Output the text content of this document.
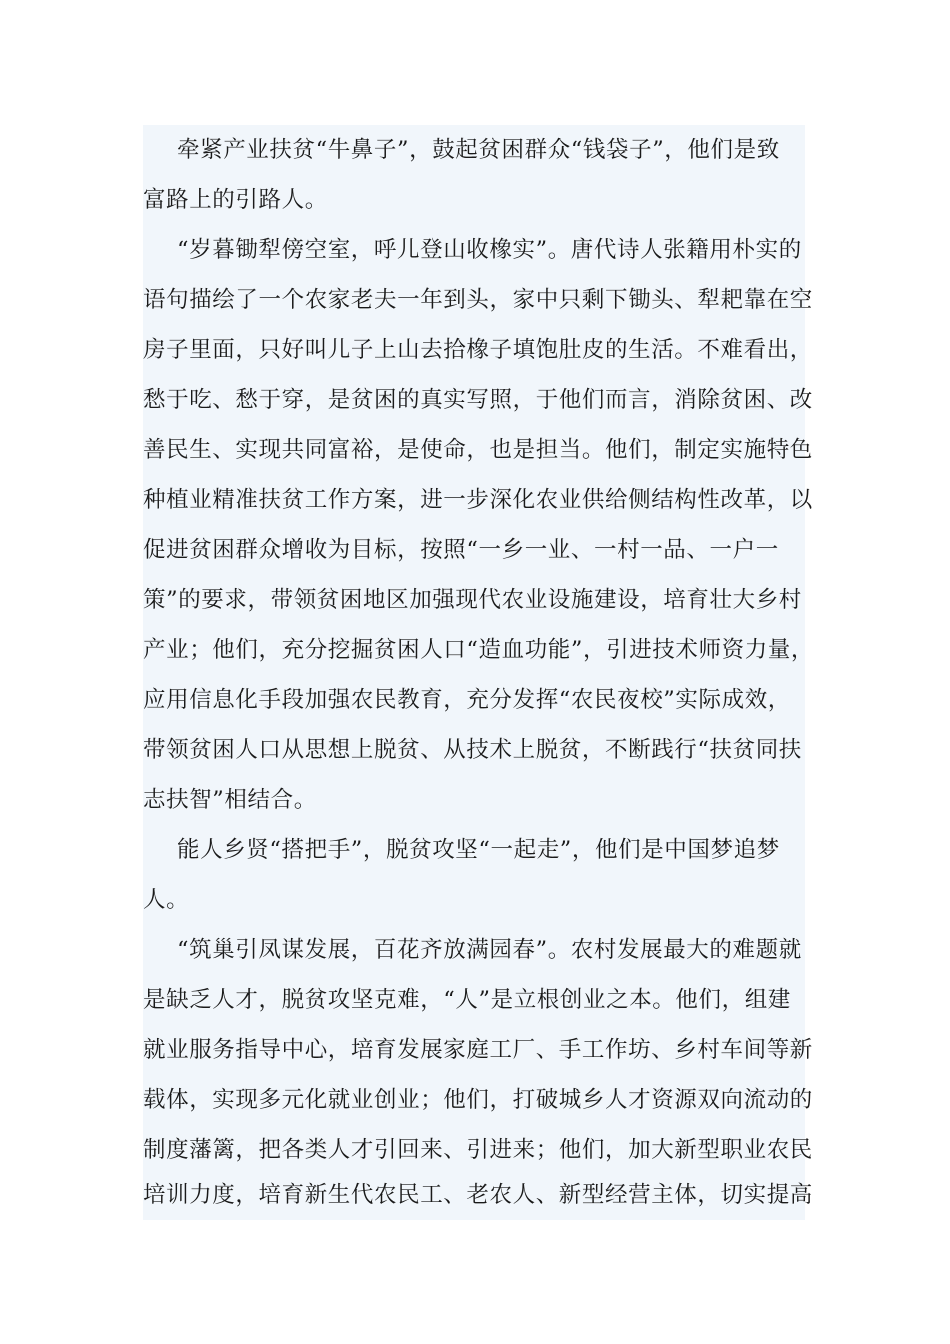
牵紧产业扶贫“牛鼻子”，鼓起贫困群众“钱袋子”，他们是致
富路上的引路人。
“岁暮锄犁傍空室，呼儿登山收橡实”。唐代诗人张籍用朴实的
语句描绘了一个农家老夫一年到头，家中只剩下锄头、犁耙靠在空
房子里面，只好叫儿子上山去拾橡子填饱肚皮的生活。不难看出，
愁于吃、愁于穿，是贫困的真实写照，于他们而言，消除贫困、改
善民生、实现共同富裕，是使命，也是担当。他们，制定实施特色
种植业精准扶贫工作方案，进一步深化农业供给侧结构性改革，以
促进贫困群众增收为目标，按照“一乡一业、一村一品、一户一
策”的要求，带领贫困地区加强现代农业设施建设，培育壮大乡村
产业；他们，充分挖掘贫困人口“造血功能”，引进技术师资力量，
应用信息化手段加强农民教育，充分发挥“农民夜校”实际成效，
带领贫困人口从思想上脱贫、从技术上脱贫，不断践行“扶贫同扶
志扶智”相结合。
能人乡贤“搭把手”，脱贫攻坚“一起走”，他们是中国梦追梦
人。
“筑巢引凤谋发展，百花齐放满园春”。农村发展最大的难题就
是缺乏人才，脱贫攻坚克难，“人”是立根创业之本。他们，组建
就业服务指导中心，培育发展家庭工厂、手工作坊、乡村车间等新
载体，实现多元化就业创业；他们，打破城乡人才资源双向流动的
制度藩篱，把各类人才引回来、引进来；他们，加大新型职业农民
培训力度，培育新生代农民工、老农人、新型经营主体，切实提高
